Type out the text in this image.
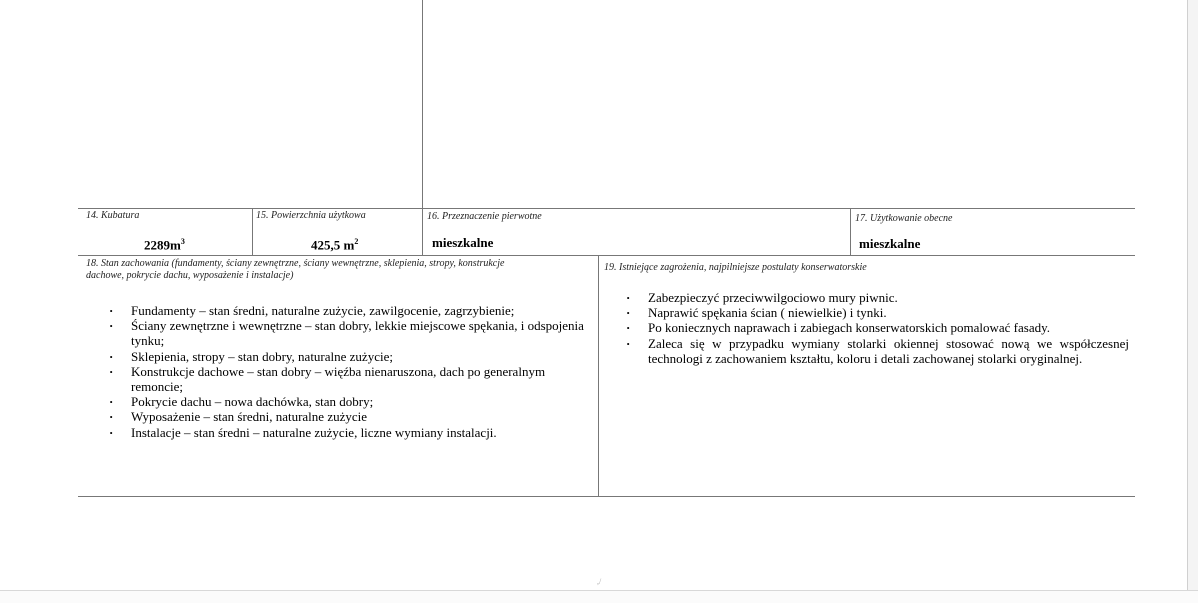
14. Kubatura
$2289m^3$
15. Powierzchnia użytkowa
425,5 $m^2$
16. Przeznaczenie pierwotne
mieszkalne
17. Użytkowanie obecne
mieszkalne
18. Stan zachowania (fundamenty, ściany zewnętrzne, ściany wewnętrzne, sklepienia, stropy, konstrukcje
dachowe, pokrycie dachu, wyposażenie i instalacje)
· Fundamenty – stan średni, naturalne zużycie, zawilgocenie, zagrzybienie;
· Ściany zewnętrzne i wewnętrzne – stan dobry, lekkie miejscowe spękania, i odspojenia tynku;
· Sklepienia, stropy – stan dobry, naturalne zużycie;
· Konstrukcje dachowe – stan dobry – więźba nienaruszona, dach po generalnym remoncie;
· Pokrycie dachu – nowa dachówka, stan dobry;
· Wyposażenie – stan średni, naturalne zużycie
· Instalacje – stan średni – naturalne zużycie, liczne wymiany instalacji.
19. Istniejące zagrożenia, najpilniejsze postulaty konserwatorskie
· Zabezpieczyć przeciwwilgociowo mury piwnic.
· Naprawić spękania ścian ( niewielkie) i tynki.
· Po koniecznych naprawach i zabiegach konserwatorskich pomalować fasady.
· Zaleca się w przypadku wymiany stolarki okiennej stosować nową we współczesnej technologi z zachowaniem kształtu, koloru i detali zachowanej stolarki oryginalnej.
,/
